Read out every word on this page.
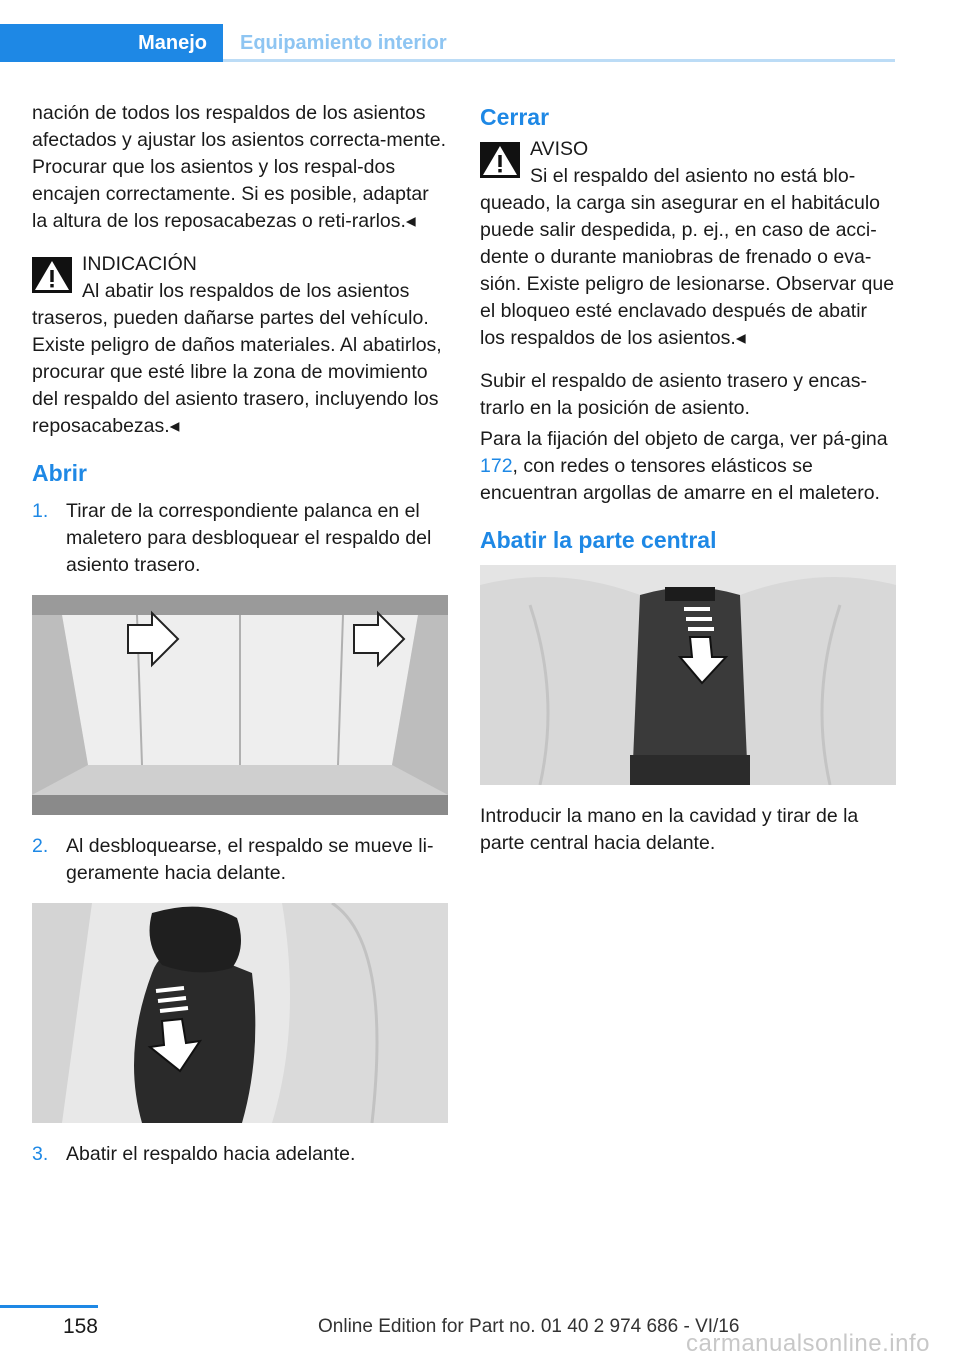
Manejo	Equipamiento interior

nación de todos los respaldos de los asientos afectados y ajustar los asientos correcta-mente. Procurar que los asientos y los respal-dos encajen correctamente. Si es posible, adaptar la altura de los reposacabezas o reti-rarlos.◂

INDICACIÓN
Al abatir los respaldos de los asientos traseros, pueden dañarse partes del vehículo. Existe peligro de daños materiales. Al abatirlos, procurar que esté libre la zona de movimiento del respaldo del asiento trasero, incluyendo los reposacabezas.◂
Abrir
1. Tirar de la correspondiente palanca en el maletero para desbloquear el respaldo del asiento trasero.
2. Al desbloquearse, el respaldo se mueve li-geramente hacia delante.
3. Abatir el respaldo hacia adelante.
Cerrar
AVISO
Si el respaldo del asiento no está blo-queado, la carga sin asegurar en el habitáculo puede salir despedida, p. ej., en caso de acci-dente o durante maniobras de frenado o eva-sión. Existe peligro de lesionarse. Observar que el bloqueo esté enclavado después de abatir los respaldos de los asientos.◂

Subir el respaldo de asiento trasero y encas-trarlo en la posición de asiento.

Para la fijación del objeto de carga, ver pá-gina 172, con redes o tensores elásticos se encuentran argollas de amarre en el maletero.

Abatir la parte central

Introducir la mano en la cavidad y tirar de la parte central hacia delante.

158	Online Edition for Part no. 01 40 2 974 686 - VI/16
carmanualsonline.info
